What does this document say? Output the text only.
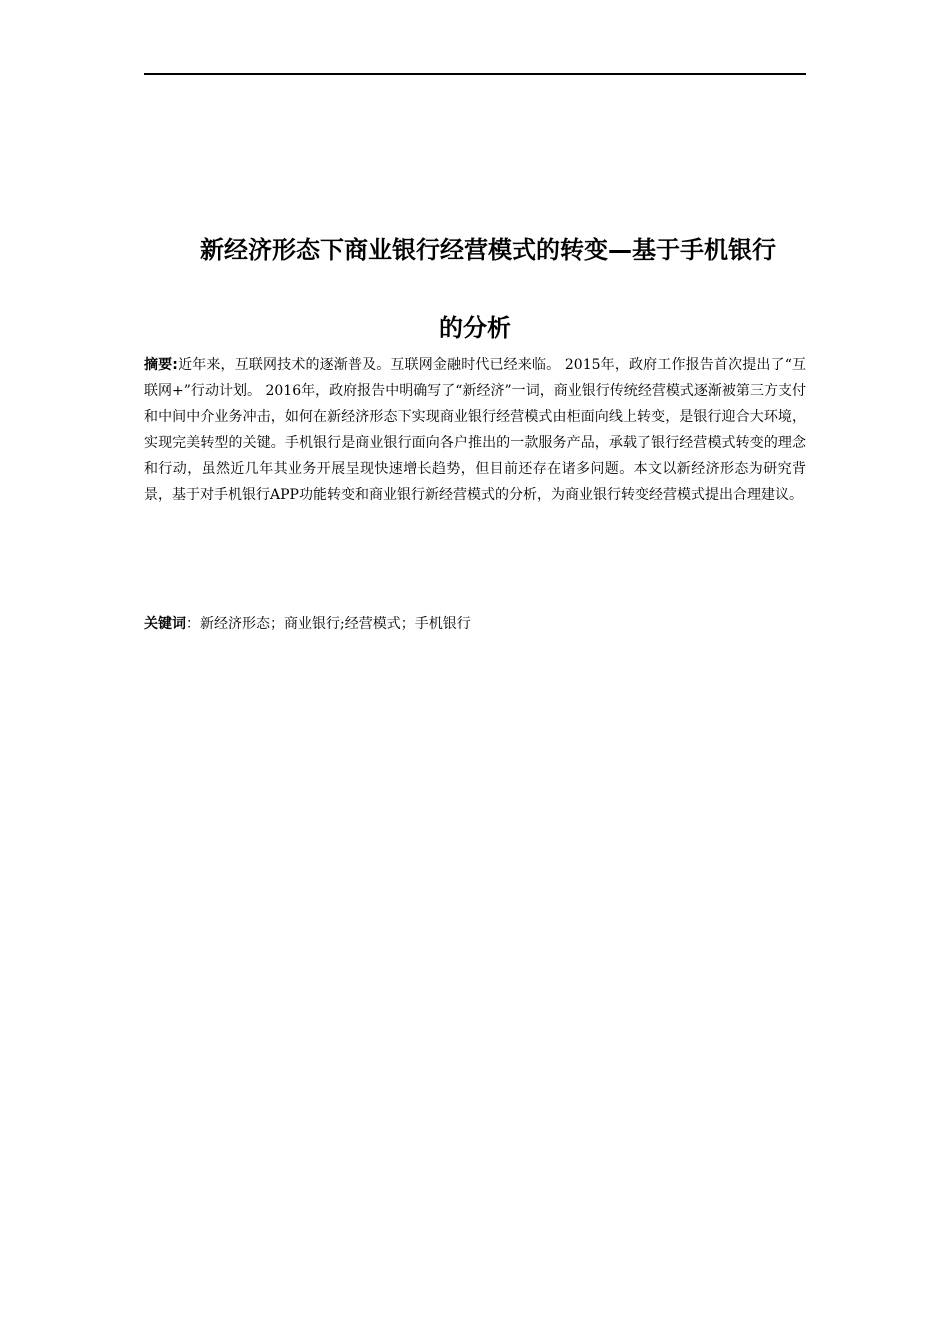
新经济形态下商业银行经营模式的转变—基于手机银行
的分析
摘要:近年来，互联网技术的逐渐普及。互联网金融时代已经来临。 2015年，政府工作报告首次提出了“互联网+”行动计划。 2016年，政府报告中明确写了“新经济”一词，商业银行传统经营模式逐渐被第三方支付和中间中介业务冲击，如何在新经济形态下实现商业银行经营模式由柜面向线上转变，是银行迎合大环境，实现完美转型的关键。手机银行是商业银行面向各户推出的一款服务产品，承载了银行经营模式转变的理念和行动，虽然近几年其业务开展呈现快速增长趋势，但目前还存在诸多问题。本文以新经济形态为研究背景，基于对手机银行APP功能转变和商业银行新经营模式的分析，为商业银行转变经营模式提出合理建议。
关键词：新经济形态；商业银行;经营模式；手机银行
